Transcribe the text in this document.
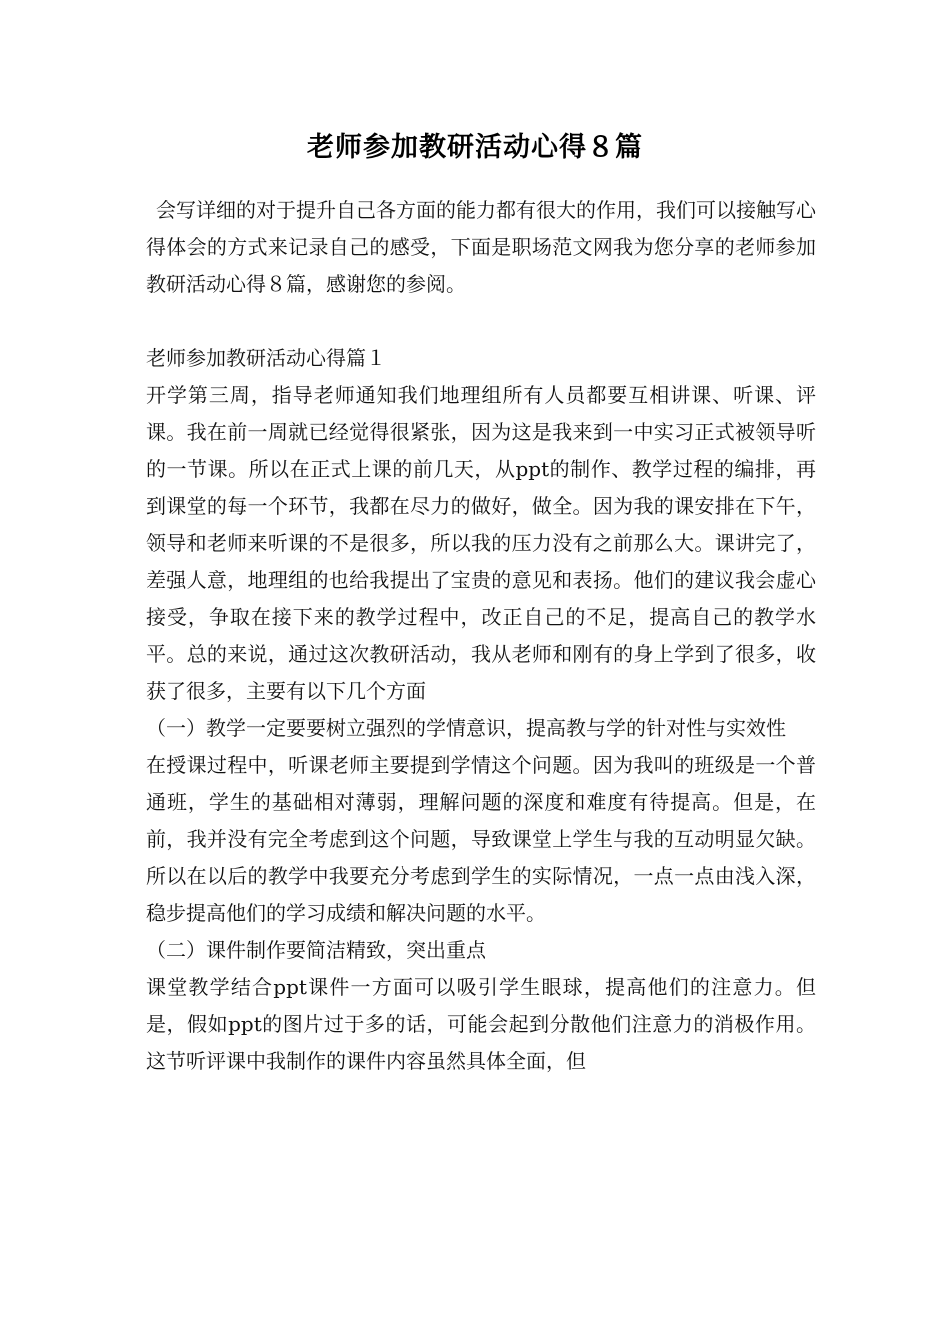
老师参加教研活动心得８篇

会写详细的对于提升自己各方面的能力都有很大的作用，我们可以接触写心得体会的方式来记录自己的感受，下面是职场范文网我为您分享的老师参加教研活动心得８篇，感谢您的参阅。

老师参加教研活动心得篇１

开学第三周，指导老师通知我们地理组所有人员都要互相讲课、听课、评课。我在前一周就已经觉得很紧张，因为这是我来到一中实习正式被领导听的一节课。所以在正式上课的前几天，从ppt的制作、教学过程的编排，再到课堂的每一个环节，我都在尽力的做好，做全。因为我的课安排在下午，领导和老师来听课的不是很多，所以我的压力没有之前那么大。课讲完了，差强人意，地理组的也给我提出了宝贵的意见和表扬。他们的建议我会虚心接受，争取在接下来的教学过程中，改正自己的不足，提高自己的教学水平。总的来说，通过这次教研活动，我从老师和刚有的身上学到了很多，收获了很多，主要有以下几个方面

（一）教学一定要要树立强烈的学情意识，提高教与学的针对性与实效性

在授课过程中，听课老师主要提到学情这个问题。因为我叫的班级是一个普通班，学生的基础相对薄弱，理解问题的深度和难度有待提高。但是，在前，我并没有完全考虑到这个问题，导致课堂上学生与我的互动明显欠缺。所以在以后的教学中我要充分考虑到学生的实际情况，一点一点由浅入深，稳步提高他们的学习成绩和解决问题的水平。

（二）课件制作要简洁精致，突出重点

课堂教学结合ppt课件一方面可以吸引学生眼球，提高他们的注意力。但是，假如ppt的图片过于多的话，可能会起到分散他们注意力的消极作用。这节听评课中我制作的课件内容虽然具体全面，但
